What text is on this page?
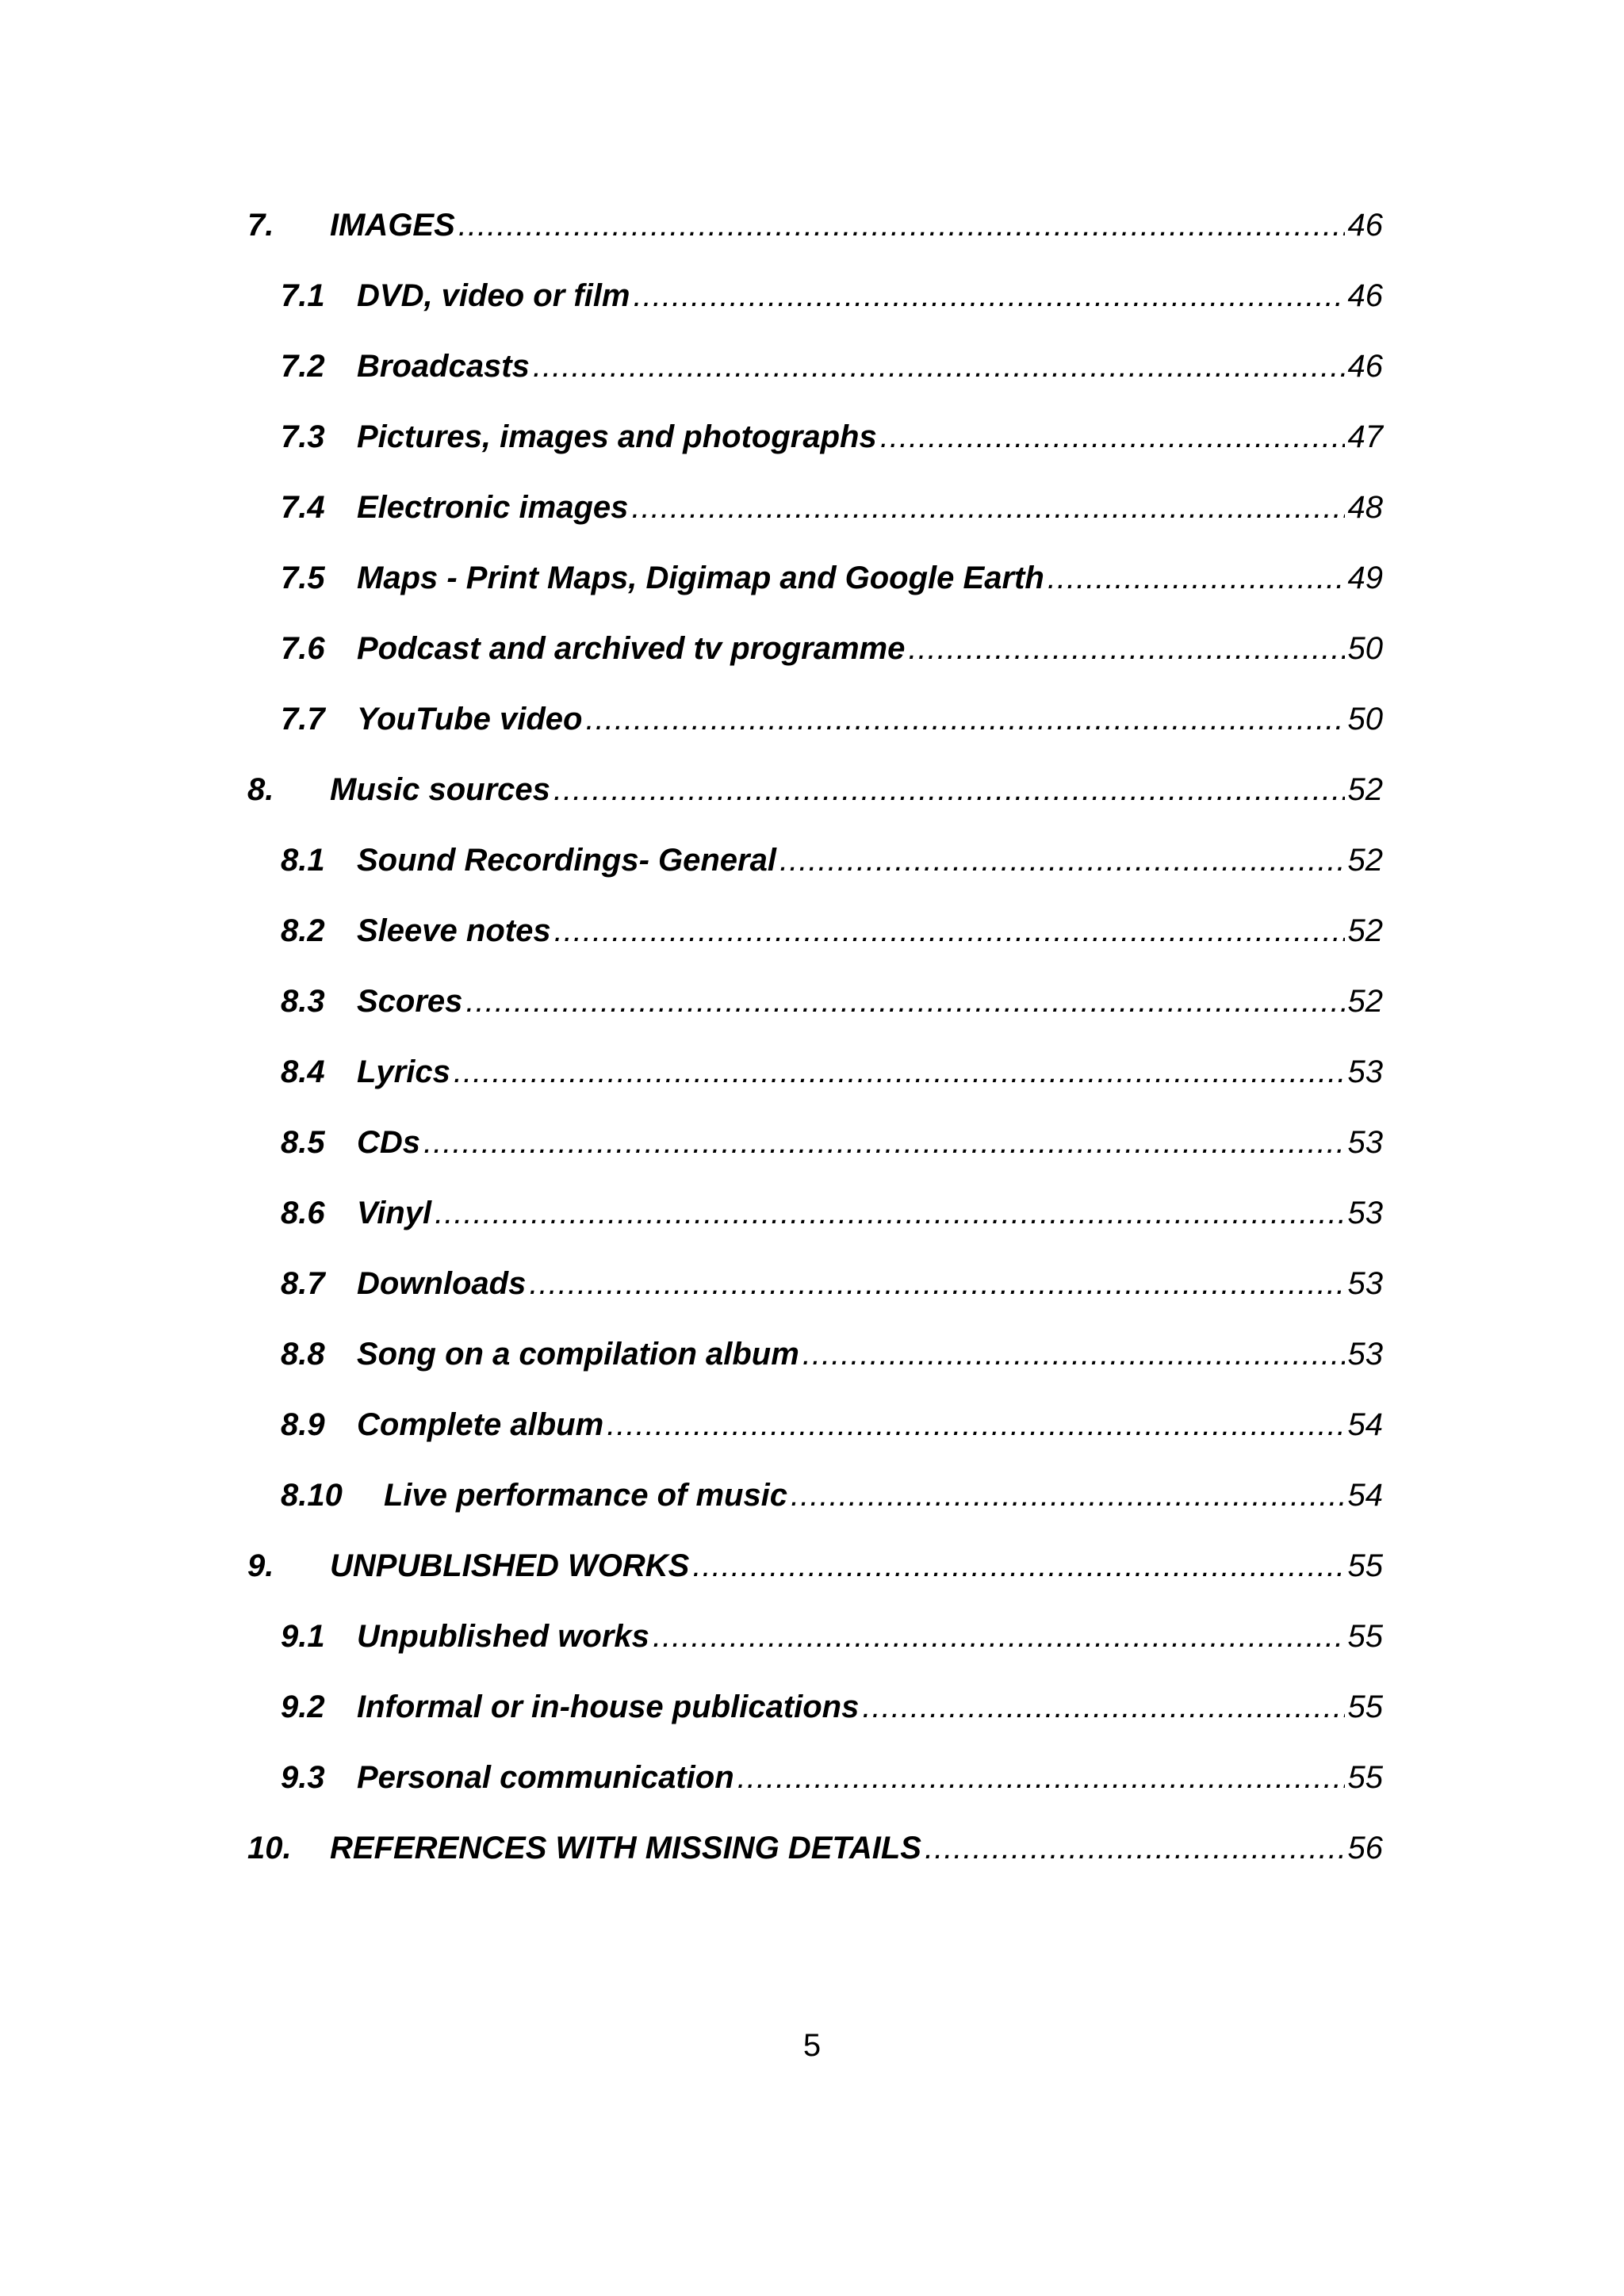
7.	IMAGES .....	46
7.1	DVD, video or film .....	46
7.2	Broadcasts .....	46
7.3	Pictures, images and photographs .....	47
7.4	Electronic images .....	48
7.5	Maps - Print Maps, Digimap and Google Earth .....	49
7.6	Podcast and archived tv programme .....	50
7.7	YouTube video .....	50
8.	Music sources .....	52
8.1	Sound Recordings- General .....	52
8.2	Sleeve notes .....	52
8.3	Scores .....	52
8.4	Lyrics .....	53
8.5	CDs .....	53
8.6	Vinyl .....	53
8.7	Downloads .....	53
8.8	Song on a compilation album .....	53
8.9	Complete album .....	54
8.10	Live performance of music .....	54
9.	UNPUBLISHED WORKS .....	55
9.1	Unpublished works .....	55
9.2	Informal or in-house publications .....	55
9.3	Personal communication .....	55
10.	REFERENCES WITH MISSING DETAILS .....	56
5
